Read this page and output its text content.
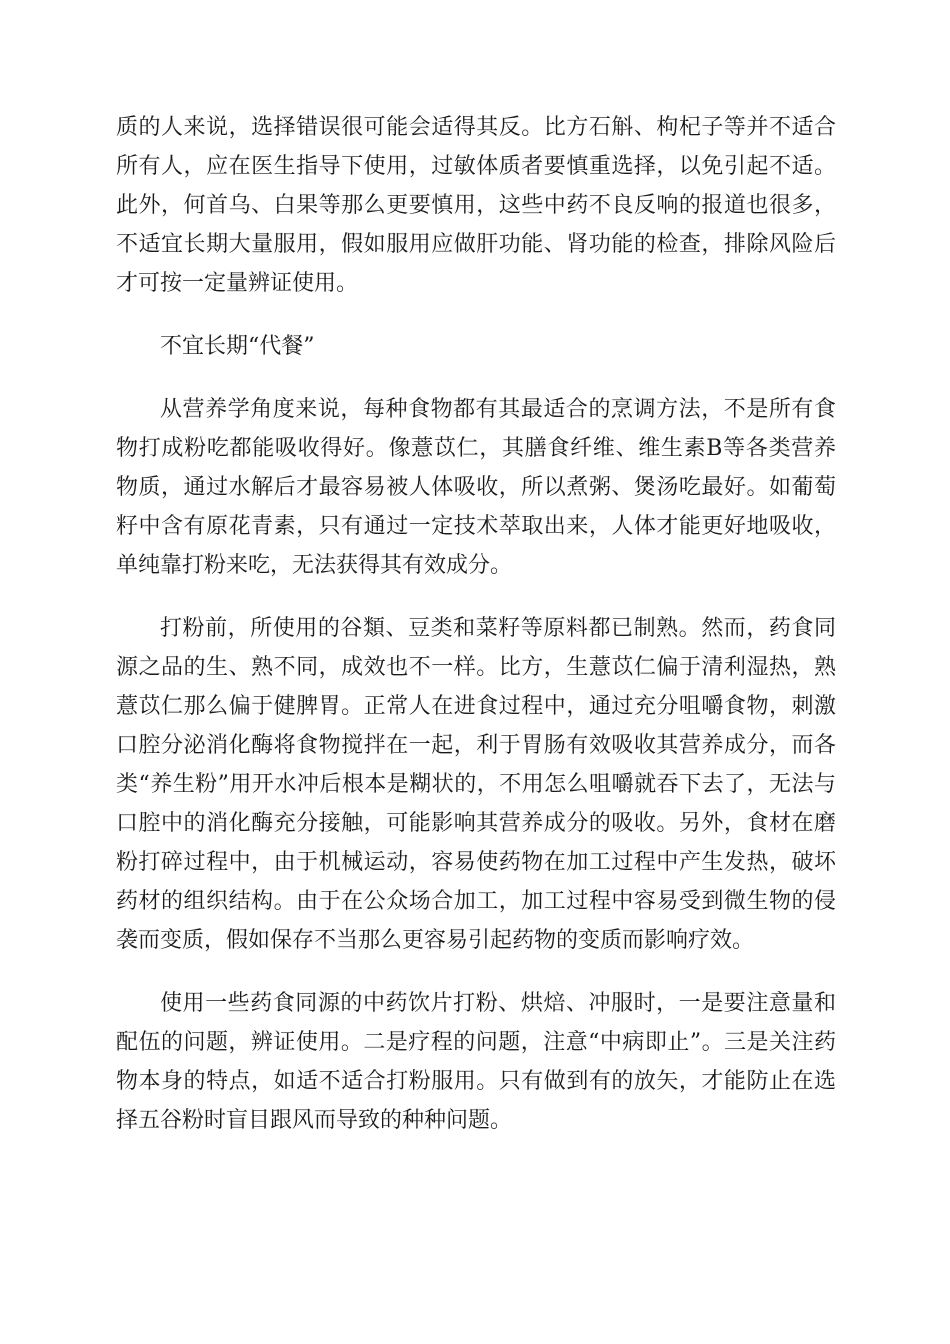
质的人来说，选择错误很可能会适得其反。比方石斛、枸杞子等并不适合所有人，应在医生指导下使用，过敏体质者要慎重选择，以免引起不适。此外，何首乌、白果等那么更要慎用，这些中药不良反响的报道也很多，不适宜长期大量服用，假如服用应做肝功能、肾功能的检查，排除风险后才可按一定量辨证使用。

不宜长期“代餐”

从营养学角度来说，每种食物都有其最适合的烹调方法，不是所有食物打成粉吃都能吸收得好。像薏苡仁，其膳食纤维、维生素B等各类营养物质，通过水解后才最容易被人体吸收，所以煮粥、煲汤吃最好。如葡萄籽中含有原花青素，只有通过一定技术萃取出来，人体才能更好地吸收，单纯靠打粉来吃，无法获得其有效成分。

打粉前，所使用的谷類、豆类和菜籽等原料都已制熟。然而，药食同源之品的生、熟不同，成效也不一样。比方，生薏苡仁偏于清利湿热，熟薏苡仁那么偏于健脾胃。正常人在进食过程中，通过充分咀嚼食物，刺激口腔分泌消化酶将食物搅拌在一起，利于胃肠有效吸收其营养成分，而各类“养生粉”用开水冲后根本是糊状的，不用怎么咀嚼就吞下去了，无法与口腔中的消化酶充分接触，可能影响其营养成分的吸收。另外，食材在磨粉打碎过程中，由于机械运动，容易使药物在加工过程中产生发热，破坏药材的组织结构。由于在公众场合加工，加工过程中容易受到微生物的侵袭而变质，假如保存不当那么更容易引起药物的变质而影响疗效。

使用一些药食同源的中药饮片打粉、烘焙、冲服时，一是要注意量和配伍的问题，辨证使用。二是疗程的问题，注意“中病即止”。三是关注药物本身的特点，如适不适合打粉服用。只有做到有的放矢，才能防止在选择五谷粉时盲目跟风而导致的种种问题。
